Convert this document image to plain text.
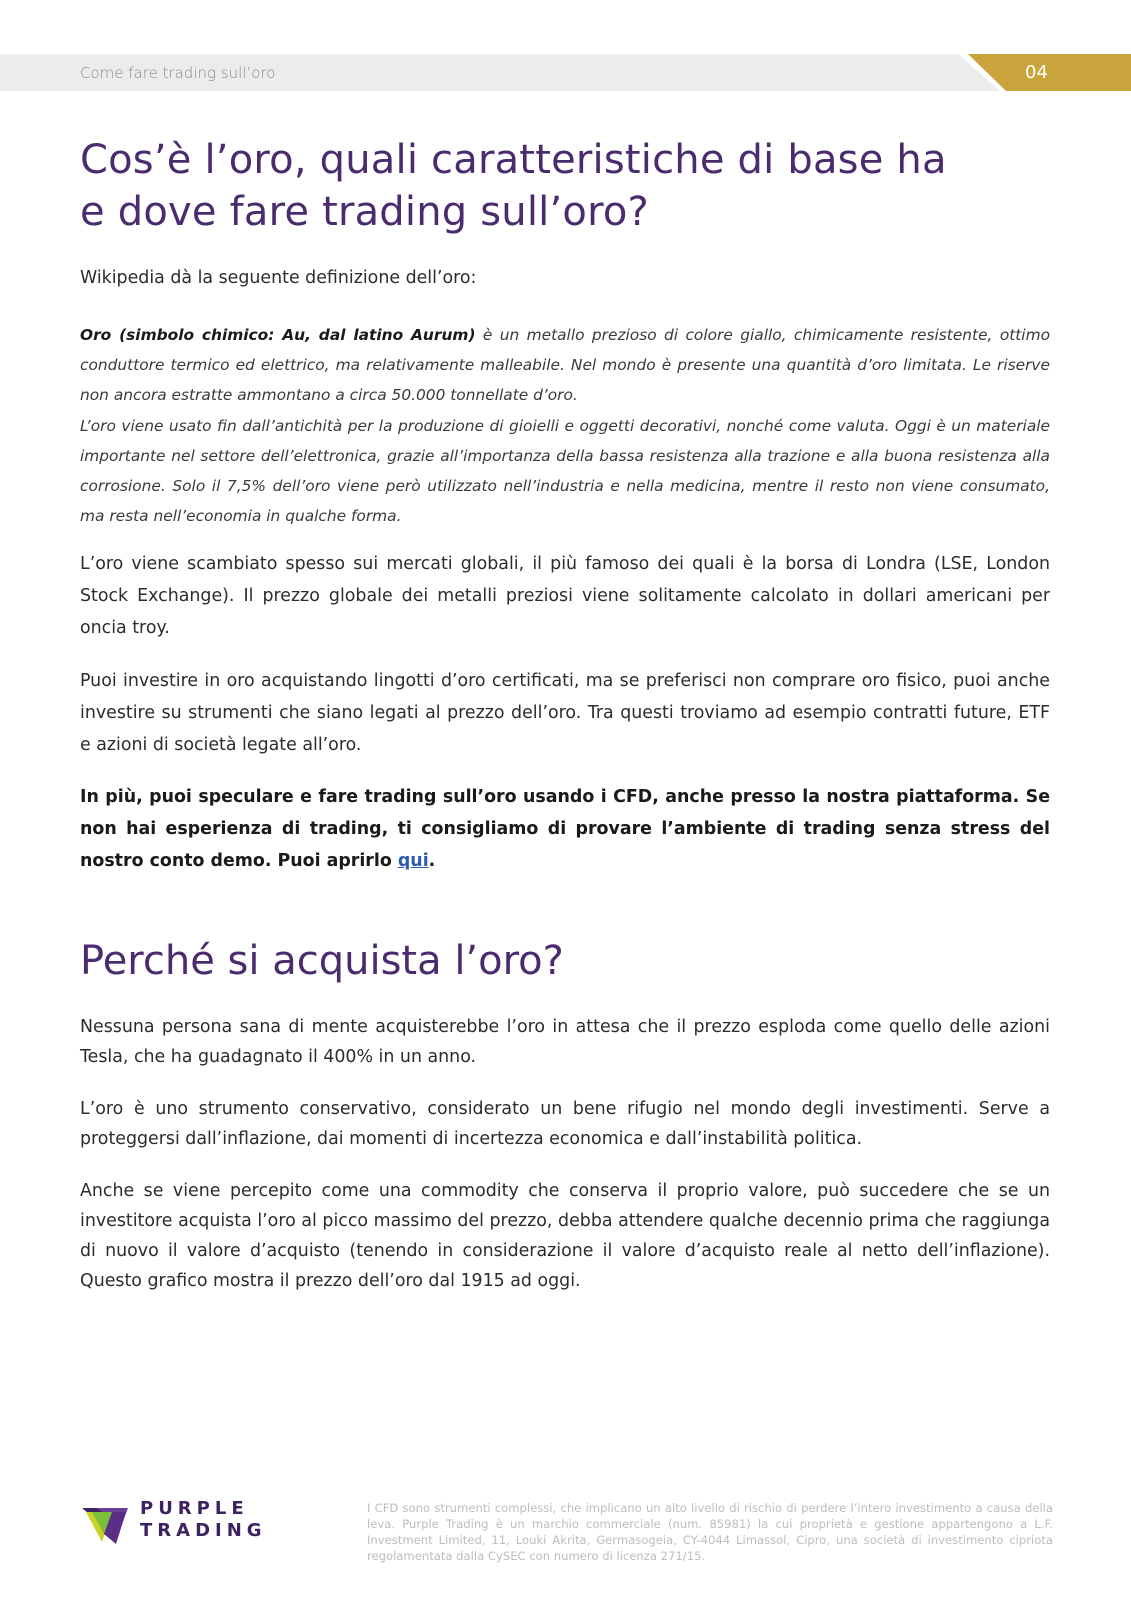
Come fare trading sull’oro	04
Cos’è l’oro, quali caratteristiche di base ha
e dove fare trading sull’oro?
Wikipedia dà la seguente definizione dell’oro:
Oro (simbolo chimico: Au, dal latino Aurum) è un metallo prezioso di colore giallo, chimicamente resistente, ottimo conduttore termico ed elettrico, ma relativamente malleabile. Nel mondo è presente una quantità d’oro limitata. Le riserve non ancora estratte ammontano a circa 50.000 tonnellate d’oro.
L’oro viene usato fin dall’antichità per la produzione di gioielli e oggetti decorativi, nonché come valuta. Oggi è un materiale importante nel settore dell’elettronica, grazie all’importanza della bassa resistenza alla trazione e alla buona resistenza alla corrosione. Solo il 7,5% dell’oro viene però utilizzato nell’industria e nella medicina, mentre il resto non viene consumato, ma resta nell’economia in qualche forma.
L’oro viene scambiato spesso sui mercati globali, il più famoso dei quali è la borsa di Londra (LSE, London Stock Exchange). Il prezzo globale dei metalli preziosi viene solitamente calcolato in dollari americani per oncia troy.
Puoi investire in oro acquistando lingotti d’oro certificati, ma se preferisci non comprare oro fisico, puoi anche investire su strumenti che siano legati al prezzo dell’oro. Tra questi troviamo ad esempio contratti future, ETF e azioni di società legate all’oro.
In più, puoi speculare e fare trading sull’oro usando i CFD, anche presso la nostra piattaforma. Se non hai esperienza di trading, ti consigliamo di provare l’ambiente di trading senza stress del nostro conto demo. Puoi aprirlo qui.
Perché si acquista l’oro?
Nessuna persona sana di mente acquisterebbe l’oro in attesa che il prezzo esploda come quello delle azioni Tesla, che ha guadagnato il 400% in un anno.
L’oro è uno strumento conservativo, considerato un bene rifugio nel mondo degli investimenti. Serve a proteggersi dall’inflazione, dai momenti di incertezza economica e dall’instabilità politica.
Anche se viene percepito come una commodity che conserva il proprio valore, può succedere che se un investitore acquista l’oro al picco massimo del prezzo, debba attendere qualche decennio prima che raggiunga di nuovo il valore d’acquisto (tenendo in considerazione il valore d’acquisto reale al netto dell’inflazione). Questo grafico mostra il prezzo dell’oro dal 1915 ad oggi.
PURPLE
TRADING
I CFD sono strumenti complessi, che implicano un alto livello di rischio di perdere l’intero investimento a causa della leva. Purple Trading è un marchio commerciale (num. 85981) la cui proprietà e gestione appartengono a L.F. Investment Limited, 11, Louki Akrita, Germasogeia, CY-4044 Limassol, Cipro, una società di investimento cipriota regolamentata dalla CySEC con numero di licenza 271/15.
